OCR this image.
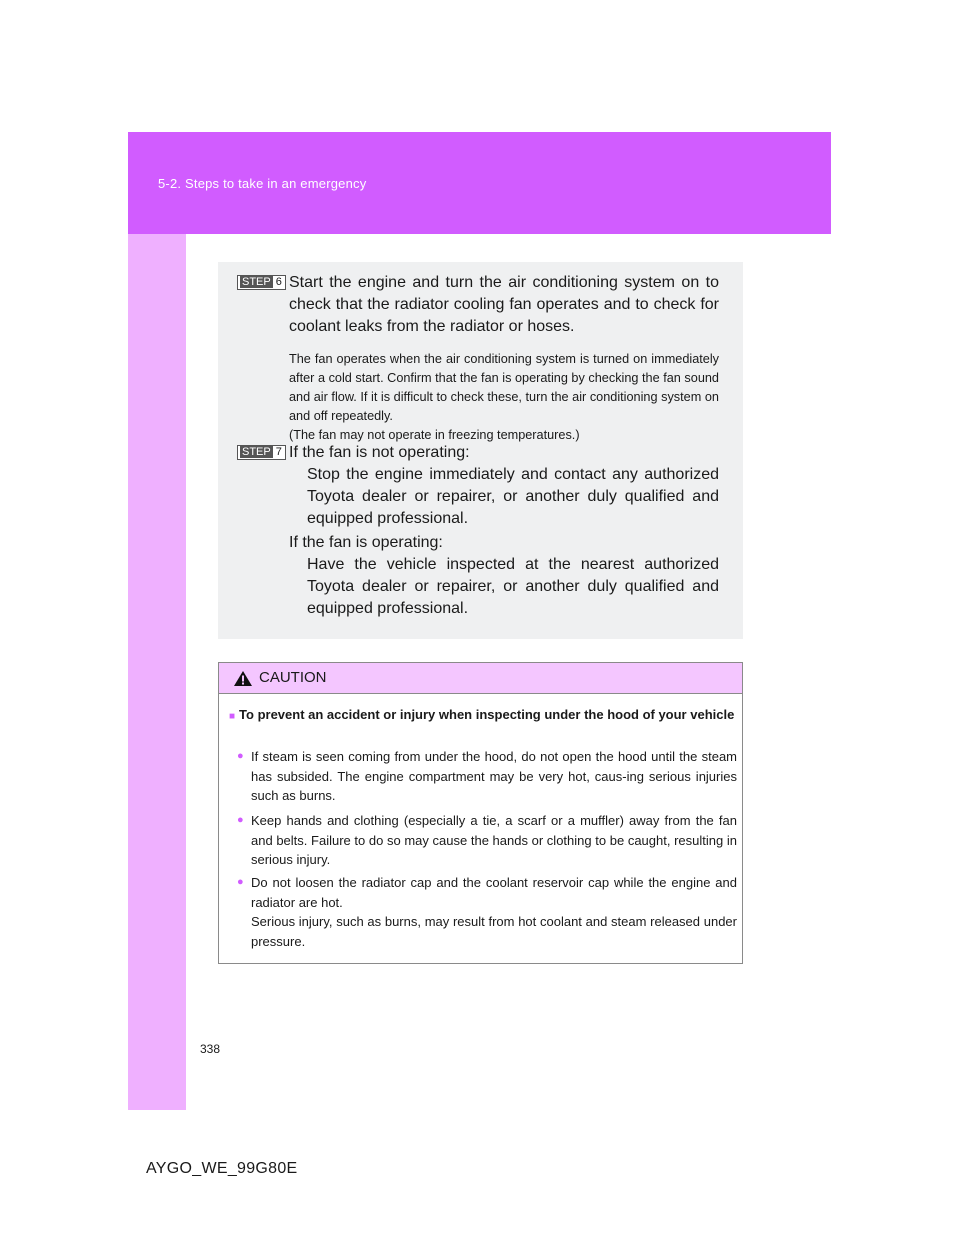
5-2. Steps to take in an emergency
STEP 6 Start the engine and turn the air conditioning system on to check that the radiator cooling fan operates and to check for coolant leaks from the radiator or hoses.
The fan operates when the air conditioning system is turned on immediately after a cold start. Confirm that the fan is operating by checking the fan sound and air flow. If it is difficult to check these, turn the air conditioning system on and off repeatedly.
(The fan may not operate in freezing temperatures.)
STEP 7 If the fan is not operating:
Stop the engine immediately and contact any authorized Toyota dealer or repairer, or another duly qualified and equipped professional.
If the fan is operating:
Have the vehicle inspected at the nearest authorized Toyota dealer or repairer, or another duly qualified and equipped professional.
CAUTION
■ To prevent an accident or injury when inspecting under the hood of your vehicle
● If steam is seen coming from under the hood, do not open the hood until the steam has subsided. The engine compartment may be very hot, caus-ing serious injuries such as burns.
● Keep hands and clothing (especially a tie, a scarf or a muffler) away from the fan and belts. Failure to do so may cause the hands or clothing to be caught, resulting in serious injury.
● Do not loosen the radiator cap and the coolant reservoir cap while the engine and radiator are hot.
Serious injury, such as burns, may result from hot coolant and steam released under pressure.
338
AYGO_WE_99G80E
